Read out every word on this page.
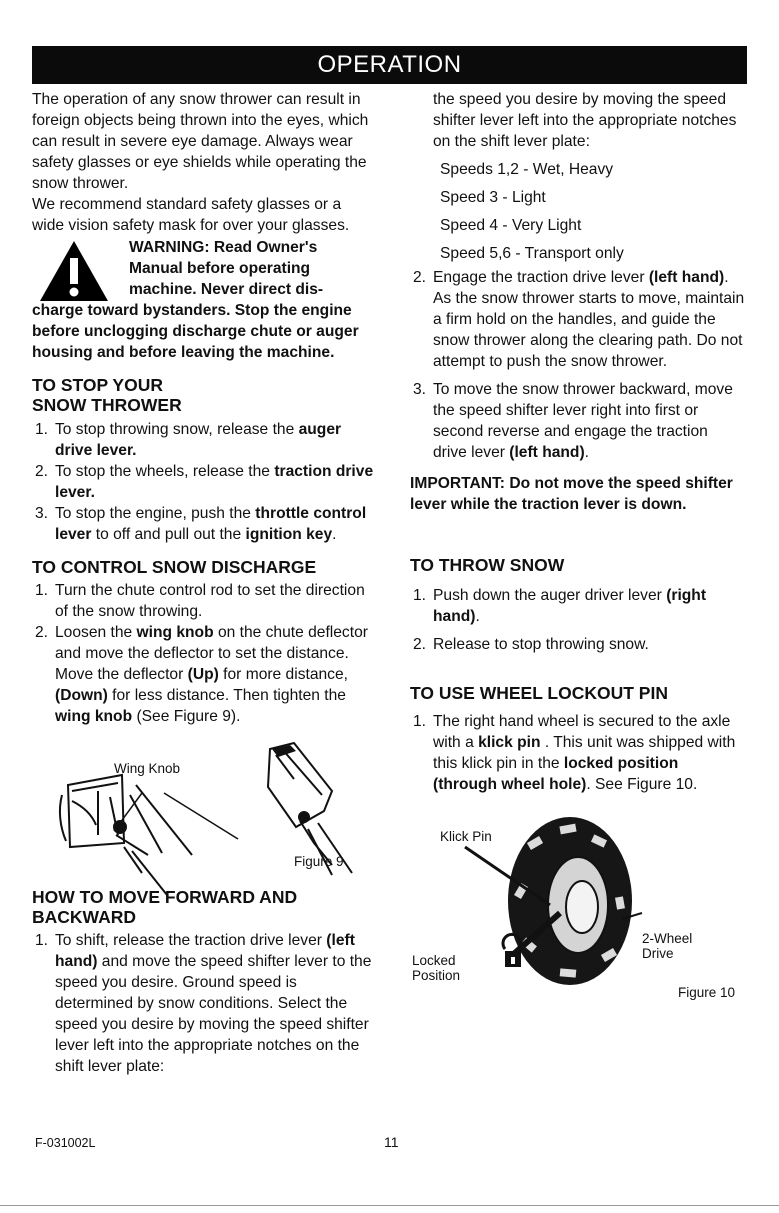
OPERATION

The operation of any snow thrower can result in foreign objects being thrown into the eyes, which can result in severe eye damage. Always wear safety glasses or eye shields while operating the snow thrower.

We recommend standard safety glasses or a wide vision safety mask for over your glasses.

WARNING: Read Owner's
Manual before operating
machine. Never direct dis-
charge toward bystanders. Stop the engine before unclogging discharge chute or auger housing and before leaving the machine.
TO STOP YOUR
SNOW THROWER
1. To stop throwing snow, release the auger drive lever.
2. To stop the wheels, release the traction drive lever.
3. To stop the engine, push the throttle control lever to off and pull out the ignition key.
TO CONTROL SNOW DISCHARGE
1. Turn the chute control rod to set the direction of the snow throwing.
2. Loosen the wing knob on the chute deflector and move the deflector to set the distance. Move the deflector (Up) for more distance, (Down) for less distance. Then tighten the wing knob (See Figure 9).
Wing Knob
Figure 9
HOW TO MOVE FORWARD AND
BACKWARD
1. To shift, release the traction drive lever (left hand) and move the speed shifter lever to the speed you desire. Ground speed is determined by snow conditions. Select the speed you desire by moving the speed shifter lever left into the appropriate notches on the shift lever plate:
the speed you desire by moving the speed shifter lever left into the appropriate notches on the shift lever plate:
Speeds 1,2 - Wet, Heavy
Speed 3 - Light
Speed 4 - Very Light
Speed 5,6 - Transport only
2. Engage the traction drive lever (left hand). As the snow thrower starts to move, maintain a firm hold on the handles, and guide the snow thrower along the clearing path. Do not attempt to push the snow thrower.
3. To move the snow thrower backward, move the speed shifter lever right into first or second reverse and engage the traction drive lever (left hand).

IMPORTANT: Do not move the speed shifter lever while the traction lever is down.

TO THROW SNOW
1. Push down the auger driver lever (right hand).
2. Release to stop throwing snow.
TO USE WHEEL LOCKOUT PIN
1. The right hand wheel is secured to the axle with a klick pin . This unit was shipped with this klick pin in the locked position (through wheel hole). See Figure 10.
Klick Pin
Locked
Position
2-Wheel
Drive
Figure 10
F-031002L	11
